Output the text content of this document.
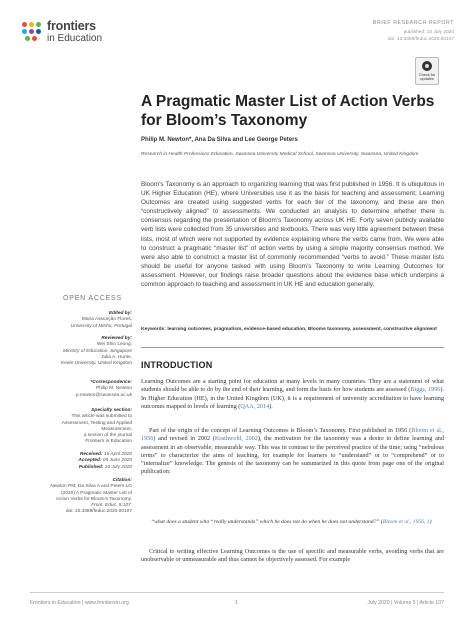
frontiers
in Education
BRIEF RESEARCH REPORT
published: 10 July 2020
doi: 10.3389/feduc.2020.00107
Check for updates
A Pragmatic Master List of Action Verbs for Bloom’s Taxonomy
Philip M. Newton*, Ana Da Silva and Lee George Peters
Research in Health Professions Education, Swansea University Medical School, Swansea University, Swansea, United Kingdom
Bloom’s Taxonomy is an approach to organizing learning that was first published in 1956. It is ubiquitous in UK Higher Education (HE), where Universities use it as the basis for teaching and assessment; Learning Outcomes are created using suggested verbs for each tier of the taxonomy, and these are then “constructively aligned” to assessments. We conducted an analysis to determine whether there is consensus regarding the presentation of Bloom’s Taxonomy across UK HE. Forty seven publicly available verb lists were collected from 35 universities and textbooks. There was very little agreement between these lists, most of which were not supported by evidence explaining where the verbs came from. We were able to construct a pragmatic “master list” of action verbs by using a simple majority consensus method. We were also able to construct a master list of commonly recommended “verbs to avoid.” These master lists should be useful for anyone tasked with using Bloom’s Taxonomy to write Learning Outcomes for assessment. However, our findings raise broader questions about the evidence base which underpins a common approach to teaching and assessment in UK HE and education generally.
Keywords: learning outcomes, pragmatism, evidence-based education, Blooms taxonomy, assessment, constructive alignment
OPEN ACCESS
Edited by:
Maria Assunção Flores,
University of Minho, Portugal
Reviewed by:
Wei Shin Leong,
Ministry of Education, Singapore
Julia A. Hunte,
Keele University, United Kingdom
*Correspondence:
Philip M. Newton
p.newton@swansea.ac.uk
Specialty section:
This article was submitted to
Assessment, Testing and Applied
Measurement,
a section of the journal
Frontiers in Education
Received: 16 April 2020
Accepted: 05 June 2020
Published: 10 July 2020
Citation:
Newton PM, Da Silva A and Peters LG
(2020) A Pragmatic Master List of
Action Verbs for Bloom’s Taxonomy.
Front. Educ. 5:107.
doi: 10.3389/feduc.2020.00107
INTRODUCTION
Learning Outcomes are a starting point for education at many levels in many countries. They are a statement of what students should be able to do by the end of their learning, and form the basis for how students are assessed (Biggs, 1996). In Higher Education (HE), in the United Kingdom (UK), it is a requirement of university accreditation to have learning outcomes mapped to levels of learning (QAA, 2014).
Part of the origin of the concept of Learning Outcomes is Bloom’s Taxonomy. First published in 1956 (Bloom et al., 1956) and revised in 2002 (Krathwohl, 2002), the motivation for the taxonomy was a desire to define learning and assessment in an observable, measurable way. This was in contrast to the perceived practice of the time; using “nebulous terms” to characterize the aims of teaching, for example for learners to “understand” or to “comprehend” or to “internalize” knowledge. The genesis of the taxonomy can be summarized in this quote from page one of the original publication:
“what does a student who “really understands” which he does not do when he does not understand?” (Bloom et al., 1956, 1)
Critical to writing effective Learning Outcomes is the use of specific and measurable verbs, avoiding verbs that are unobservable or unmeasurable and thus cannot be objectively assessed. For example
Frontiers in Education | www.frontiersin.org	1	July 2020 | Volume 5 | Article 107
